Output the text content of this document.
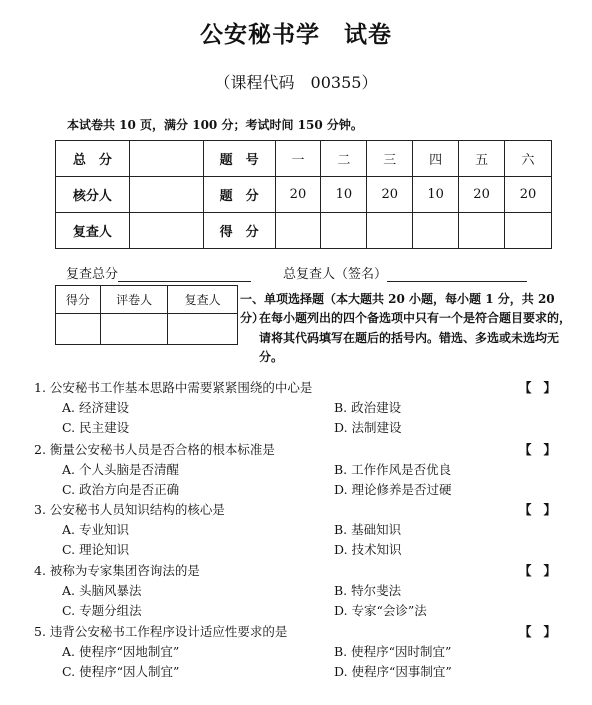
公安秘书学　试卷
（课程代码　00355）
本试卷共 10 页，满分 100 分；考试时间 150 分钟。
总　分		题　号	一	二	三	四	五	六
核分人		题　分	20	10	20	10	20	20
复查人		得　分						
复查总分	总复查人（签名）
得分	评卷人	复查人
		一、单项选择题（本大题共 20 小题，每小题 1 分，共 20 分）
在每小题列出的四个备选项中只有一个是符合题目要求的，请将其代码填写在题后的括号内。错选、多选或未选均无分。
1. 公安秘书工作基本思路中需要紧紧围绕的中心是	【】
A. 经济建设	B. 政治建设
C. 民主建设	D. 法制建设
2. 衡量公安秘书人员是否合格的根本标准是	【】
A. 个人头脑是否清醒	B. 工作作风是否优良
C. 政治方向是否正确	D. 理论修养是否过硬
3. 公安秘书人员知识结构的核心是	【】
A. 专业知识	B. 基础知识
C. 理论知识	D. 技术知识
4. 被称为专家集团咨询法的是	【】
A. 头脑风暴法	B. 特尔斐法
C. 专题分组法	D. 专家“会诊”法
5. 违背公安秘书工作程序设计适应性要求的是	【】
A. 使程序“因地制宜”	B. 使程序“因时制宜”
C. 使程序“因人制宜”	D. 使程序“因事制宜”
